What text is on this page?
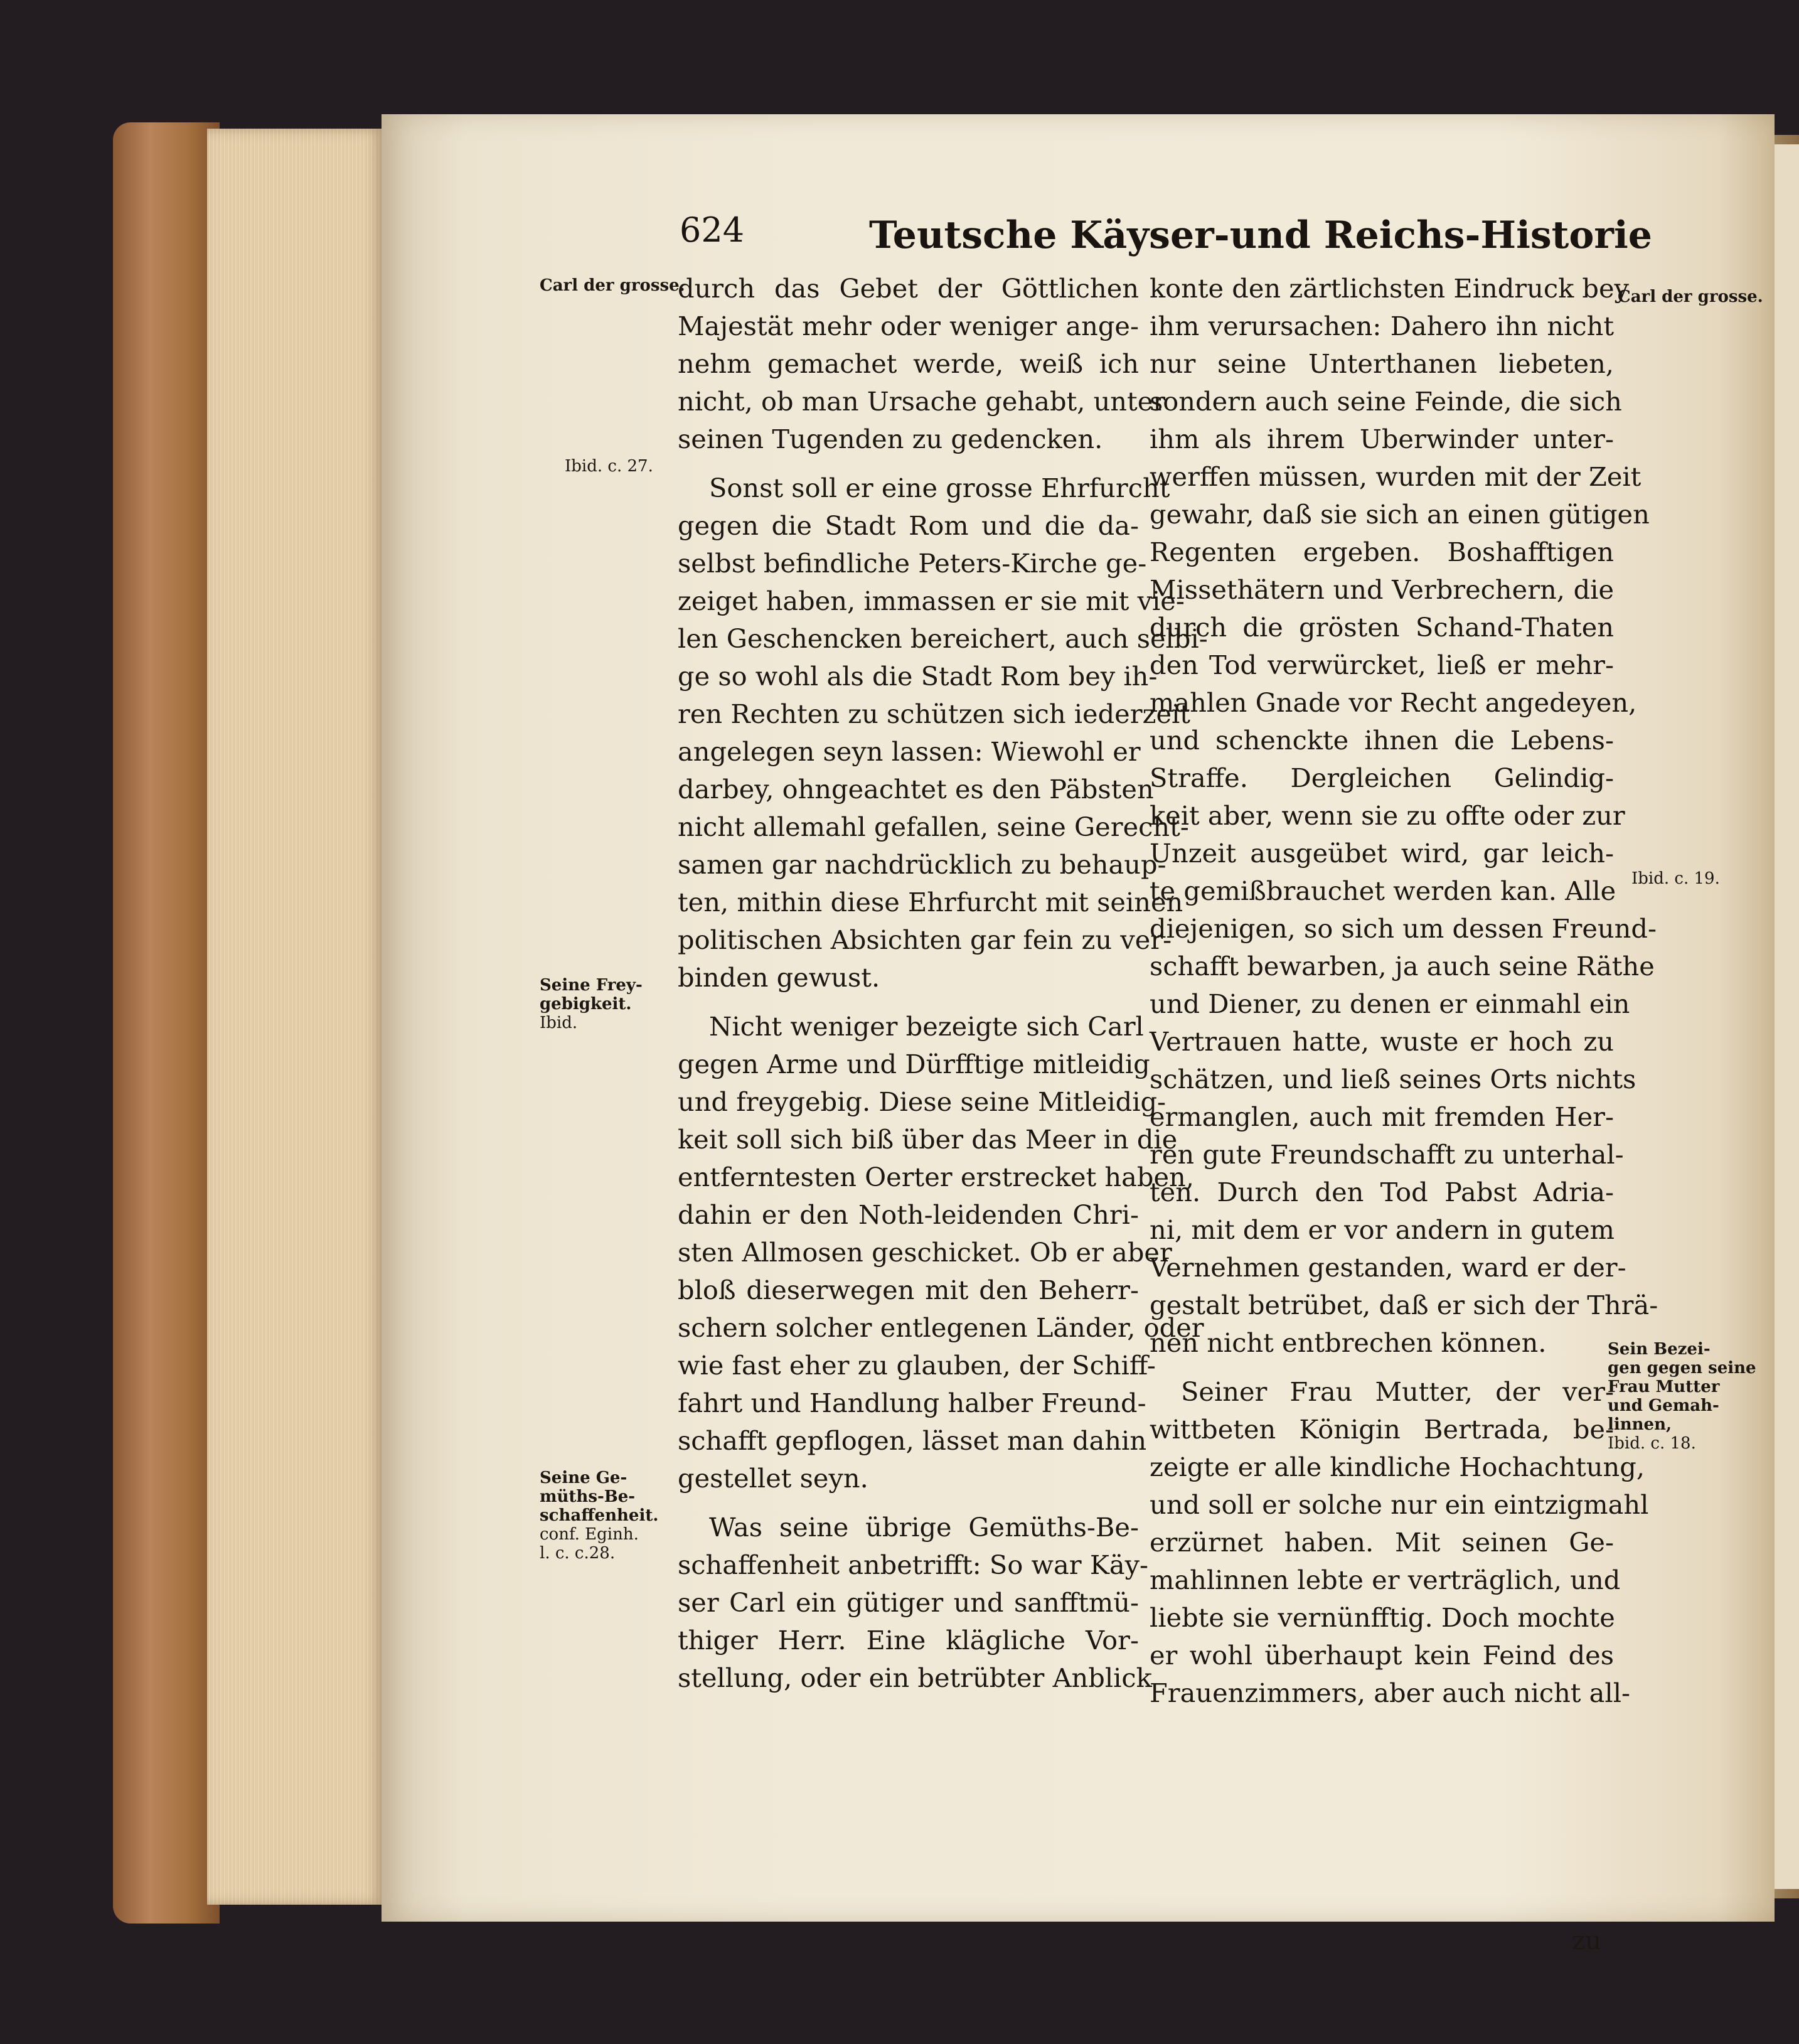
624	Teutsche Käyser-und Reichs-Historie
Carl der grosse.
Ibid. c. 27.
Seine Frey-
gebigkeit.
Ibid.
Seine Ge-
müths-Be-
schaffenheit.
conf. Eginh.
l. c. c.28.
Carl der grosse.
Ibid. c. 19.
Sein Bezei-
gen gegen seine
Frau Mutter
und Gemah-
linnen,
Ibid. c. 18.

durch das Gebet der Göttlichen
Majestät mehr oder weniger ange-
nehm gemachet werde, weiß ich
nicht, ob man Ursache gehabt, unter
seinen Tugenden zu gedencken.

Sonst soll er eine grosse Ehrfurcht
gegen die Stadt Rom und die da-
selbst befindliche Peters-Kirche ge-
zeiget haben, immassen er sie mit vie-
len Geschencken bereichert, auch selbi-
ge so wohl als die Stadt Rom bey ih-
ren Rechten zu schützen sich iederzeit
angelegen seyn lassen: Wiewohl er
darbey, ohngeachtet es den Päbsten
nicht allemahl gefallen, seine Gerecht-
samen gar nachdrücklich zu behaup-
ten, mithin diese Ehrfurcht mit seinen
politischen Absichten gar fein zu ver-
binden gewust.

Nicht weniger bezeigte sich Carl
gegen Arme und Dürfftige mitleidig
und freygebig. Diese seine Mitleidig-
keit soll sich biß über das Meer in die
entferntesten Oerter erstrecket haben,
dahin er den Noth-leidenden Chri-
sten Allmosen geschicket. Ob er aber
bloß dieserwegen mit den Beherr-
schern solcher entlegenen Länder, oder
wie fast eher zu glauben, der Schiff-
fahrt und Handlung halber Freund-
schafft gepflogen, lässet man dahin
gestellet seyn.

Was seine übrige Gemüths-Be-
schaffenheit anbetrifft: So war Käy-
ser Carl ein gütiger und sanfftmü-
thiger Herr. Eine klägliche Vor-
stellung, oder ein betrübter Anblick

konte den zärtlichsten Eindruck bey
ihm verursachen: Dahero ihn nicht
nur seine Unterthanen liebeten,
sondern auch seine Feinde, die sich
ihm als ihrem Uberwinder unter-
werffen müssen, wurden mit der Zeit
gewahr, daß sie sich an einen gütigen
Regenten ergeben. Boshafftigen
Missethätern und Verbrechern, die
durch die grösten Schand-Thaten
den Tod verwürcket, ließ er mehr-
mahlen Gnade vor Recht angedeyen,
und schenckte ihnen die Lebens-
Straffe. Dergleichen Gelindig-
keit aber, wenn sie zu offte oder zur
Unzeit ausgeübet wird, gar leich-
te gemißbrauchet werden kan. Alle
diejenigen, so sich um dessen Freund-
schafft bewarben, ja auch seine Räthe
und Diener, zu denen er einmahl ein
Vertrauen hatte, wuste er hoch zu
schätzen, und ließ seines Orts nichts
ermanglen, auch mit fremden Her-
ren gute Freundschafft zu unterhal-
ten. Durch den Tod Pabst Adria-
ni, mit dem er vor andern in gutem
Vernehmen gestanden, ward er der-
gestalt betrübet, daß er sich der Thrä-
nen nicht entbrechen können.

Seiner Frau Mutter, der ver-
wittbeten Königin Bertrada, be-
zeigte er alle kindliche Hochachtung,
und soll er solche nur ein eintzigmahl
erzürnet haben. Mit seinen Ge-
mahlinnen lebte er verträglich, und
liebte sie vernünfftig. Doch mochte
er wohl überhaupt kein Feind des
Frauenzimmers, aber auch nicht all-

zu
